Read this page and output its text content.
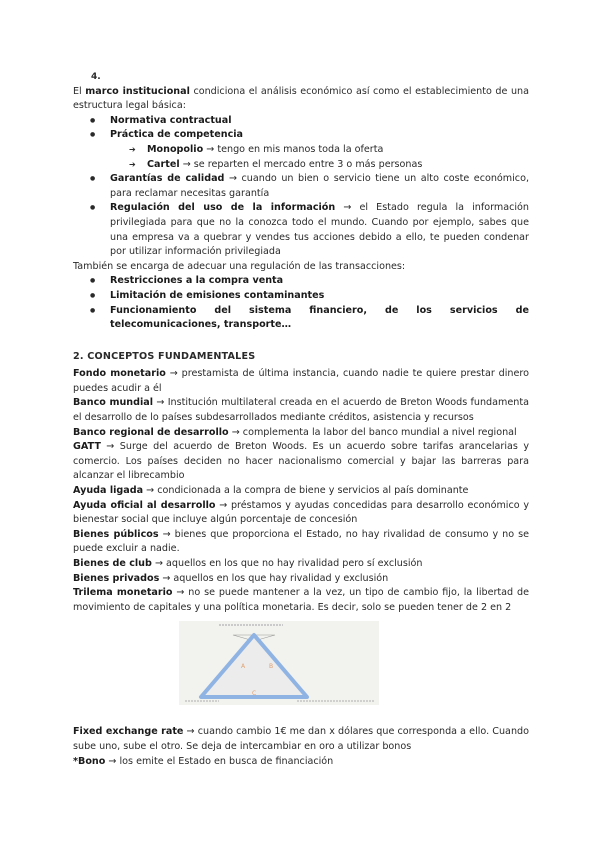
4.

El marco institucional condiciona el análisis económico así como el establecimiento de una estructura legal básica:

● Normativa contractual
● Práctica de competencia
➔ Monopolio → tengo en mis manos toda la oferta
➔ Cartel → se reparten el mercado entre 3 o más personas
● Garantías de calidad → cuando un bien o servicio tiene un alto coste económico, para reclamar necesitas garantía
● Regulación del uso de la información → el Estado regula la información privilegiada para que no la conozca todo el mundo. Cuando por ejemplo, sabes que una empresa va a quebrar y vendes tus acciones debido a ello, te pueden condenar por utilizar información privilegiada

También se encarga de adecuar una regulación de las transacciones:

● Restricciones a la compra venta
● Limitación de emisiones contaminantes
● Funcionamiento del sistema financiero, de los servicios de telecomunicaciones, transporte…
2. CONCEPTOS FUNDAMENTALES

Fondo monetario → prestamista de última instancia, cuando nadie te quiere prestar dinero puedes acudir a él

Banco mundial → Institución multilateral creada en el acuerdo de Breton Woods fundamenta el desarrollo de lo países subdesarrollados mediante créditos, asistencia y recursos

Banco regional de desarrollo → complementa la labor del banco mundial a nivel regional

GATT → Surge del acuerdo de Breton Woods. Es un acuerdo sobre tarifas arancelarias y comercio. Los países deciden no hacer nacionalismo comercial y bajar las barreras para alcanzar el librecambio

Ayuda ligada → condicionada a la compra de biene y servicios al país dominante

Ayuda oficial al desarrollo → préstamos y ayudas concedidas para desarrollo económico y bienestar social que incluye algún porcentaje de concesión

Bienes públicos → bienes que proporciona el Estado, no hay rivalidad de consumo y no se puede excluir a nadie.

Bienes de club → aquellos en los que no hay rivalidad pero sí exclusión

Bienes privados → aquellos en los que hay rivalidad y exclusión

Trilema monetario → no se puede mantener a la vez, un tipo de cambio fijo, la libertad de movimiento de capitales y una política monetaria. Es decir, solo se pueden tener de 2 en 2

A	B
C

Fixed exchange rate → cuando cambio 1€ me dan x dólares que corresponda a ello. Cuando sube uno, sube el otro. Se deja de intercambiar en oro a utilizar bonos

*Bono → los emite el Estado en busca de financiación
